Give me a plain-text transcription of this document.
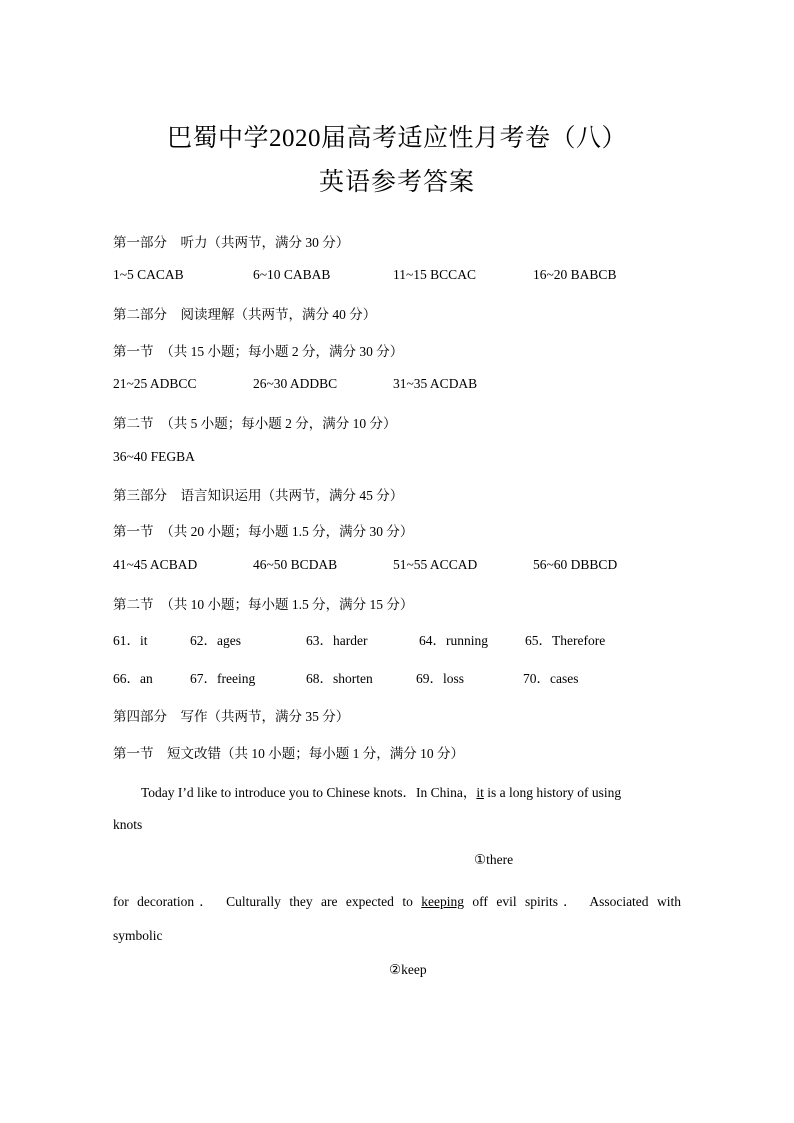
巴蜀中学2020届高考适应性月考卷（八）
英语参考答案
第一部分　听力（共两节，满分 30 分）
1~5 CACAB	6~10 CABAB	11~15 BCCAC	16~20 BABCB
第二部分　阅读理解（共两节，满分 40 分）
第一节　（共 15 小题；每小题 2 分，满分 30 分）
21~25 ADBCC	26~30 ADDBC	31~35 ACDAB
第二节　（共 5 小题；每小题 2 分，满分 10 分）
36~40 FEGBA
第三部分　语言知识运用（共两节，满分 45 分）
第一节　（共 20 小题；每小题 1.5 分，满分 30 分）
41~45 ACBAD	46~50 BCDAB	51~55 ACCAD	56~60 DBBCD
第二节　（共 10 小题；每小题 1.5 分，满分 15 分）
61．it	62．ages	63．harder	64．running	65．Therefore
66．an	67．freeing	68．shorten	69．loss	70．cases
第四部分　写作（共两节，满分 35 分）
第一节　短文改错（共 10 小题；每小题 1 分，满分 10 分）
Today I’d like to introduce you to Chinese knots．In China，it is a long history of using
knots
①there
for decoration． Culturally they are expected to keeping off evil spirits． Associated with
symbolic
②keep
